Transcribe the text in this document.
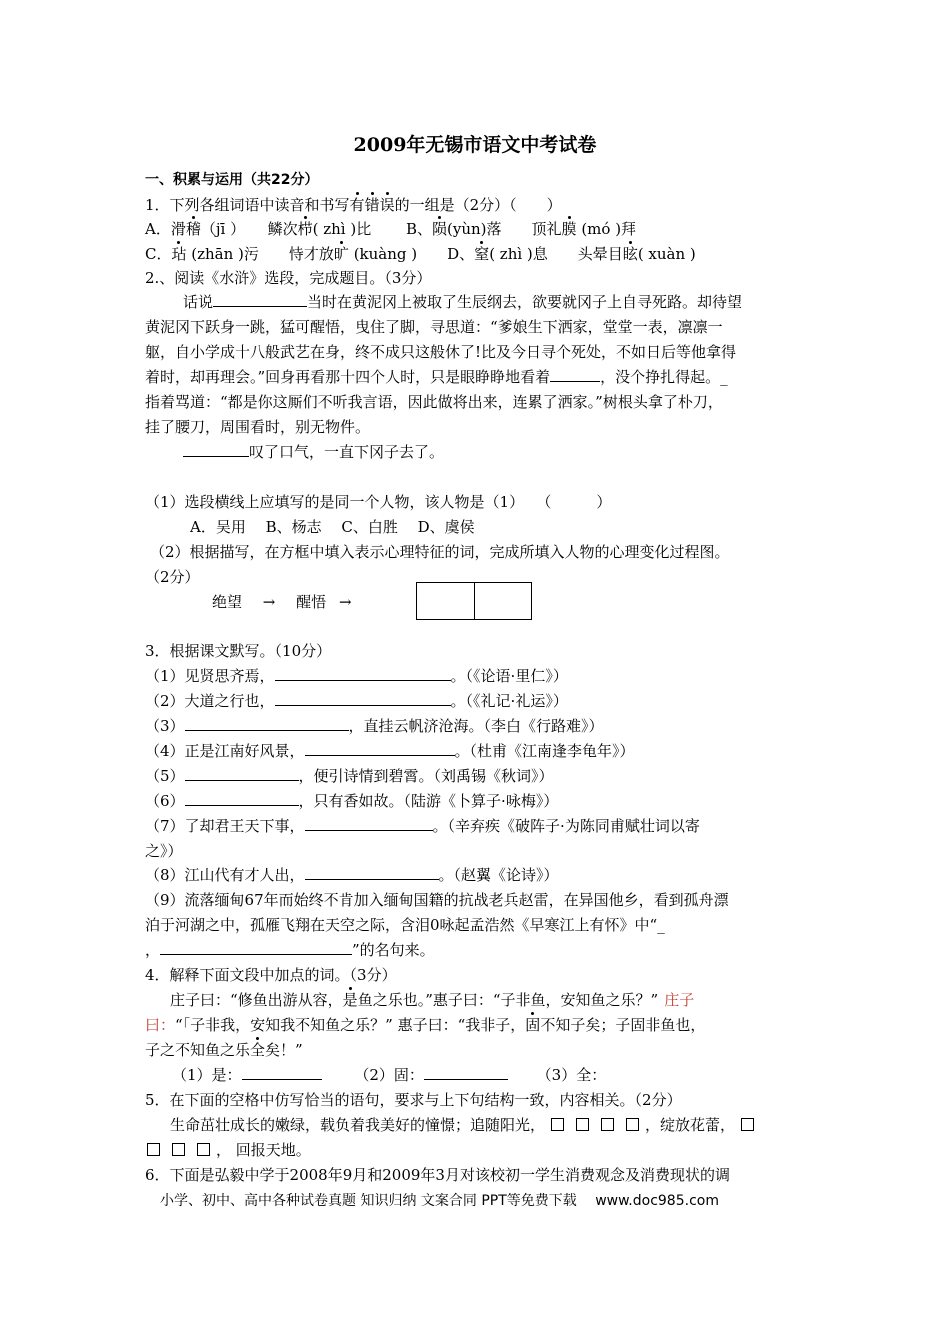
2009年无锡市语文中考试卷
一、积累与运用（共22分）
1．下列各组词语中读音和书写有错误的一组是（2分）（　　）
A．滑稽（jī ）　　鳞次栉( zhì )比　　 B、陨(yùn)落　　顶礼膜 (mó )拜
C．玷 (zhān )污　　恃才放旷 (kuàng )　　D、窒( zhì )息　　头晕目眩( xuàn )
2.、阅读《水浒》选段，完成题目。（3分）
话说	当时在黄泥冈上被取了生辰纲去，欲要就冈子上自寻死路。却待望
黄泥冈下跃身一跳，猛可醒悟，曳住了脚，寻思道：“爹娘生下洒家，堂堂一表，凛凛一
躯，自小学成十八般武艺在身，终不成只这般休了!比及今日寻个死处，不如日后等他拿得
着时，却再理会。”回身再看那十四个人时，只是眼睁睁地看着	，没个挣扎得起。_
指着骂道：“都是你这厮们不听我言语，因此做将出来，连累了洒家。”树根头拿了朴刀，
挂了腰刀，周围看时，别无物件。
叹了口气，一直下冈子去了。
（1）选段横线上应填写的是同一个人物，该人物是（1）　 （　　　）
A．吴用　 B、杨志　 C、白胜　 D、虞侯
（2）根据描写，在方框中填入表示心理特征的词，完成所填入人物的心理变化过程图。
（2分）
绝望 → 醒悟 →
3．根据课文默写。（10分）
（1）见贤思齐焉，	。（《论语·里仁》）
（2）大道之行也，	。（《礼记·礼运》）
（3）	，直挂云帆济沧海。（李白《行路难》）
（4）正是江南好风景，	。（杜甫《江南逢李龟年》）
（5）	，便引诗情到碧霄。（刘禹锡《秋词》）
（6）	，只有香如故。（陆游《卜算子·咏梅》）
（7）了却君王天下事，	。（辛弃疾《破阵子·为陈同甫赋壮词以寄
之》）
（8）江山代有才人出，	。（赵翼《论诗》）
（9）流落缅甸67年而始终不肯加入缅甸国籍的抗战老兵赵雷，在异国他乡，看到孤舟漂
泊于河湖之中，孤雁飞翔在天空之际，含泪0咏起孟浩然《早寒江上有怀》中“_
，	”的名句来。
4．解释下面文段中加点的词。（3分）
庄子曰：“修鱼出游从容，是鱼之乐也。”惠子曰：“子非鱼，安知鱼之乐？” 庄子
曰：“「子非我，安知我不知鱼之乐？” 惠子曰：“我非子，固不知子矣；子固非鱼也，
子之不知鱼之乐全矣！”
（1）是：	（2）固：	（3）全：
5．在下面的空格中仿写恰当的语句，要求与上下句结构一致，内容相关。（2分）
生命茁壮成长的嫩绿，载负着我美好的憧憬；追随阳光，	，绽放花蕾，
， 回报天地。
6．下面是弘毅中学于2008年9月和2009年3月对该校初一学生消费观念及消费现状的调
小学、初中、高中各种试卷真题 知识归纳 文案合同 PPT等免费下载　 www.doc985.com
